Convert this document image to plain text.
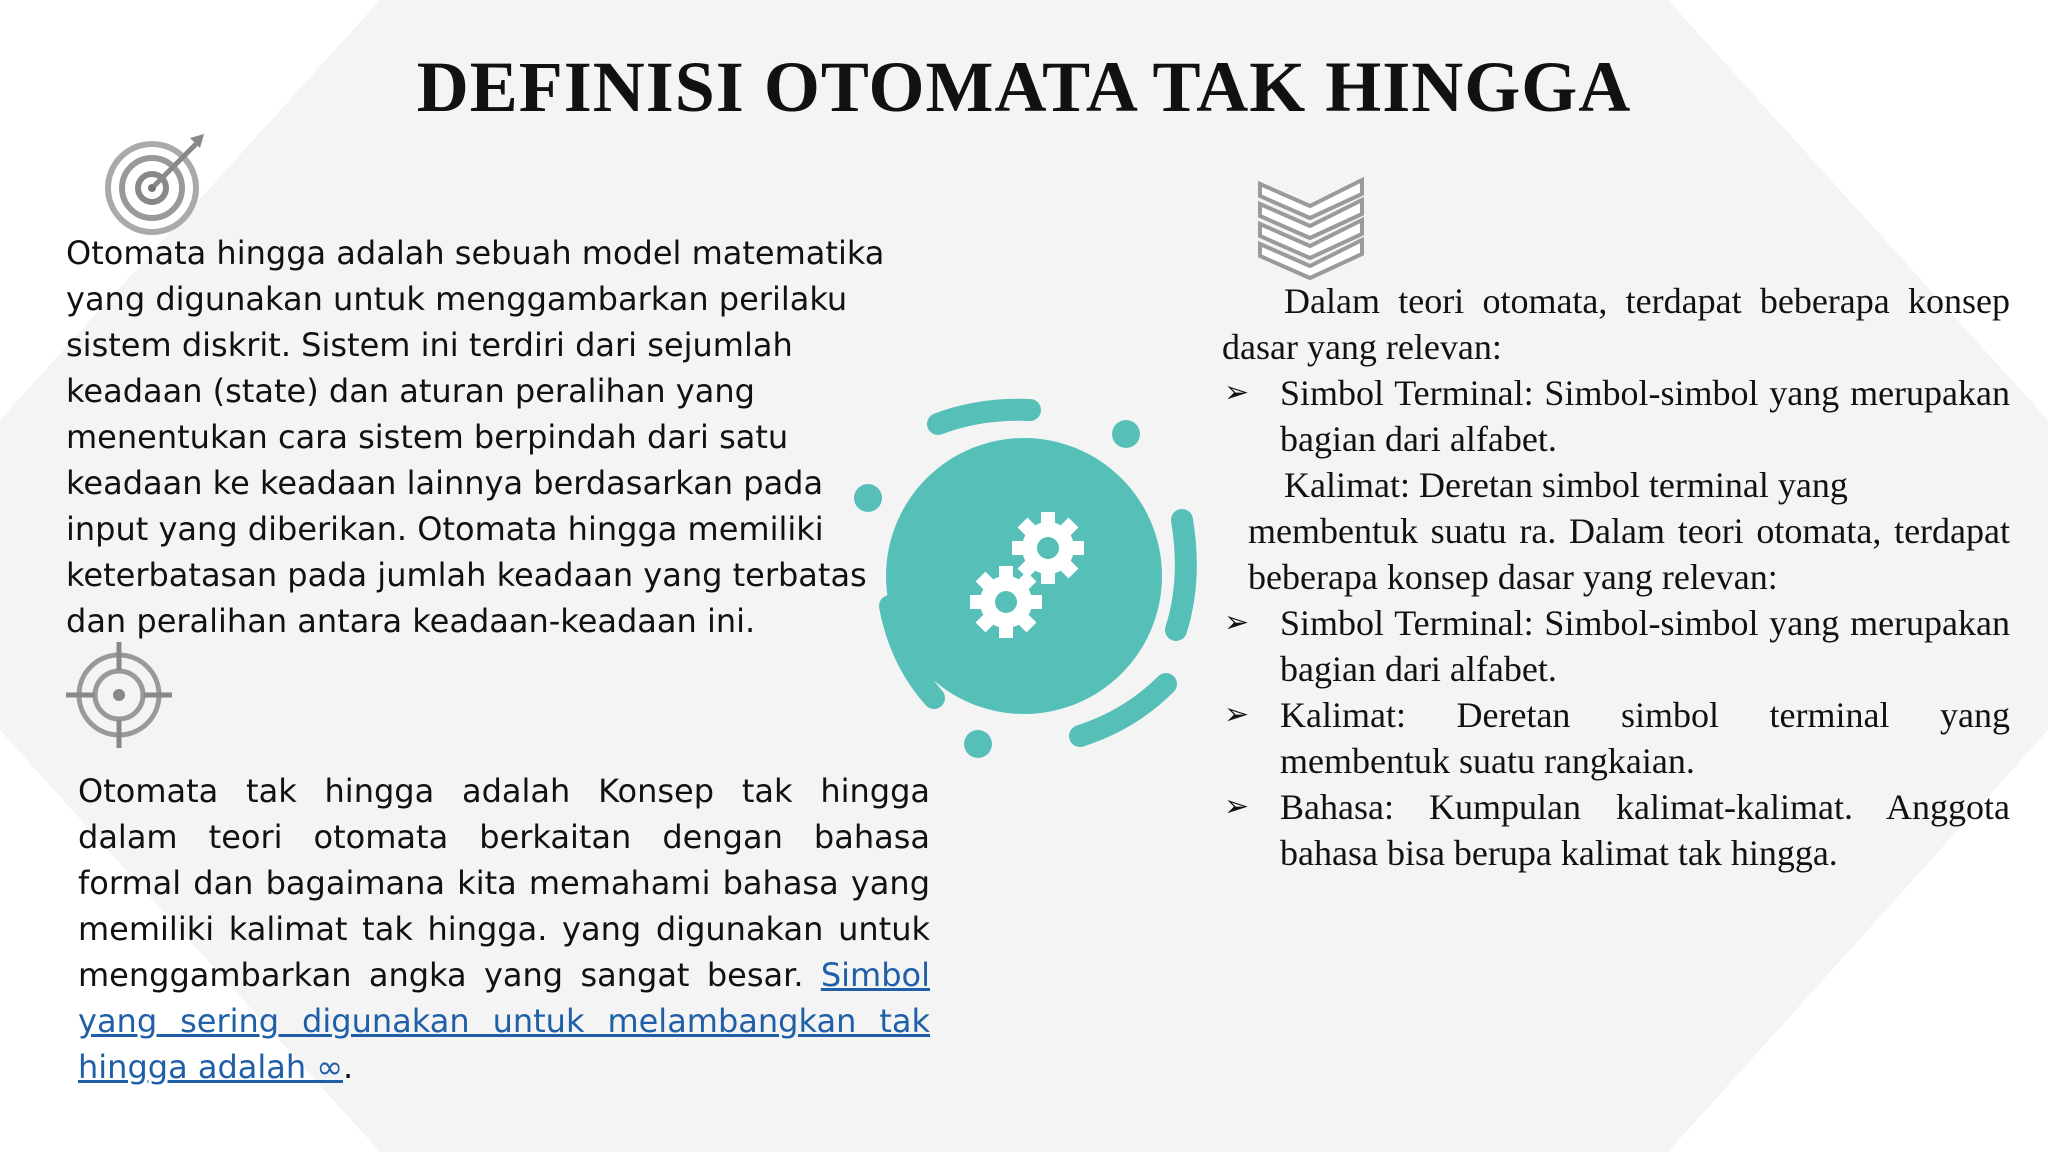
DEFINISI OTOMATA TAK HINGGA

Otomata hingga adalah sebuah model matematika yang digunakan untuk menggambarkan perilaku sistem diskrit. Sistem ini terdiri dari sejumlah keadaan (state) dan aturan peralihan yang menentukan cara sistem berpindah dari satu keadaan ke keadaan lainnya berdasarkan pada input yang diberikan. Otomata hingga memiliki keterbatasan pada jumlah keadaan yang terbatas dan peralihan antara keadaan-keadaan ini.

Otomata tak hingga adalah Konsep tak hingga dalam teori otomata berkaitan dengan bahasa formal dan bagaimana kita memahami bahasa yang memiliki kalimat tak hingga. yang digunakan untuk menggambarkan angka yang sangat besar. Simbol yang sering digunakan untuk melambangkan tak hingga adalah ∞.

Dalam teori otomata, terdapat beberapa konsep dasar yang relevan:

➢ Simbol Terminal: Simbol-simbol yang merupakan bagian dari alfabet.

Kalimat: Deretan simbol terminal yang

membentuk suatu ra. Dalam teori otomata, terdapat beberapa konsep dasar yang relevan:

➢ Simbol Terminal: Simbol-simbol yang merupakan bagian dari alfabet.
➢ Kalimat: Deretan simbol terminal yang membentuk suatu rangkaian.
➢ Bahasa: Kumpulan kalimat-kalimat. Anggota bahasa bisa berupa kalimat tak hingga.
